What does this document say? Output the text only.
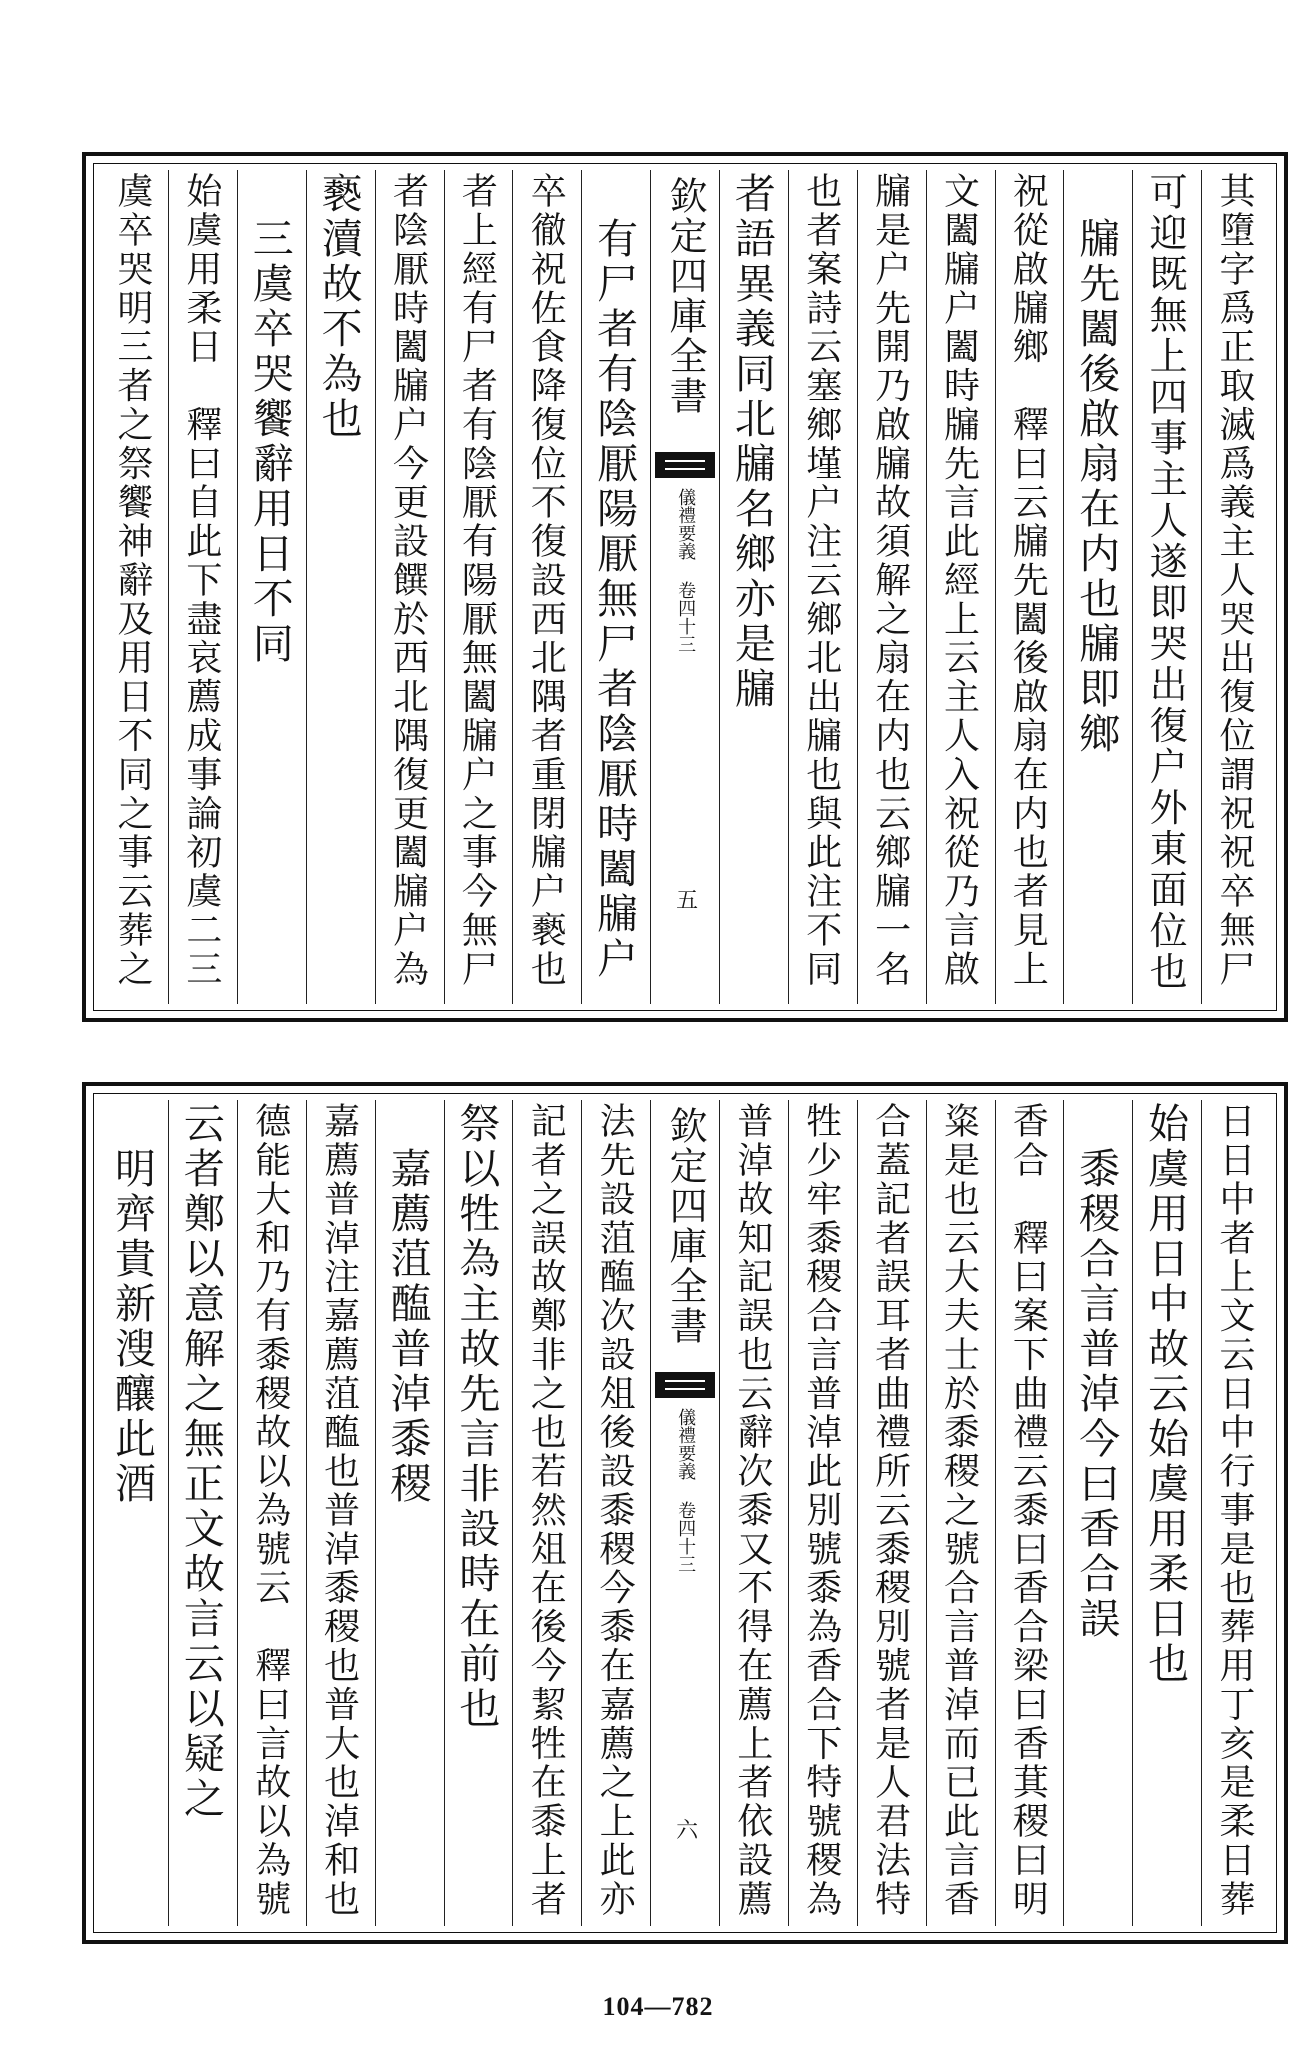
其墮字爲正取滅爲義主人哭出復位謂祝祝卒無尸
可迎既無上四事主人遂即哭出復户外東面位也
　牖先闔後啟扇在内也牖即鄉
祝從啟牖鄉　釋曰云牖先闔後啟扇在内也者見上
文闔牖户闔時牖先言此經上云主人入祝從乃言啟
牖是户先開乃啟牖故須解之扇在内也云鄉牖一名
也者案詩云塞鄉墐户注云鄉北出牖也與此注不同
者語異義同北牖名鄉亦是牖
欽定四庫全書
儀禮要義 卷四十三
五
　有尸者有陰厭陽厭無尸者陰厭時闔牖户
卒徹祝佐食降復位不復設西北隅者重閉牖户褻也
者上經有尸者有陰厭有陽厭無闔牖户之事今無尸
者陰厭時闔牖户今更設饌於西北隅復更闔牖户為
褻瀆故不為也
　三虞卒哭饗辭用日不同
始虞用柔日　釋曰自此下盡哀薦成事論初虞二三
虞卒哭明三者之祭饗神辭及用日不同之事云葬之
日日中者上文云日中行事是也葬用丁亥是柔日葬
始虞用日中故云始虞用柔日也
　黍稷合言普淖今曰香合誤
香合　釋曰案下曲禮云黍曰香合梁曰香萁稷曰明
粢是也云大夫士於黍稷之號合言普淖而已此言香
合蓋記者誤耳者曲禮所云黍稷別號者是人君法特
牲少牢黍稷合言普淖此別號黍為香合下特號稷為
普淖故知記誤也云辭次黍又不得在薦上者依設薦
欽定四庫全書
儀禮要義 卷四十三
六
法先設菹醢次設俎後設黍稷今黍在嘉薦之上此亦
記者之誤故鄭非之也若然俎在後今絜牲在黍上者
祭以牲為主故先言非設時在前也
　嘉薦菹醢普淖黍稷
嘉薦普淖注嘉薦菹醢也普淖黍稷也普大也淖和也
德能大和乃有黍稷故以為號云　釋曰言故以為號
云者鄭以意解之無正文故言云以疑之
　明齊貴新溲釀此酒
104—782
